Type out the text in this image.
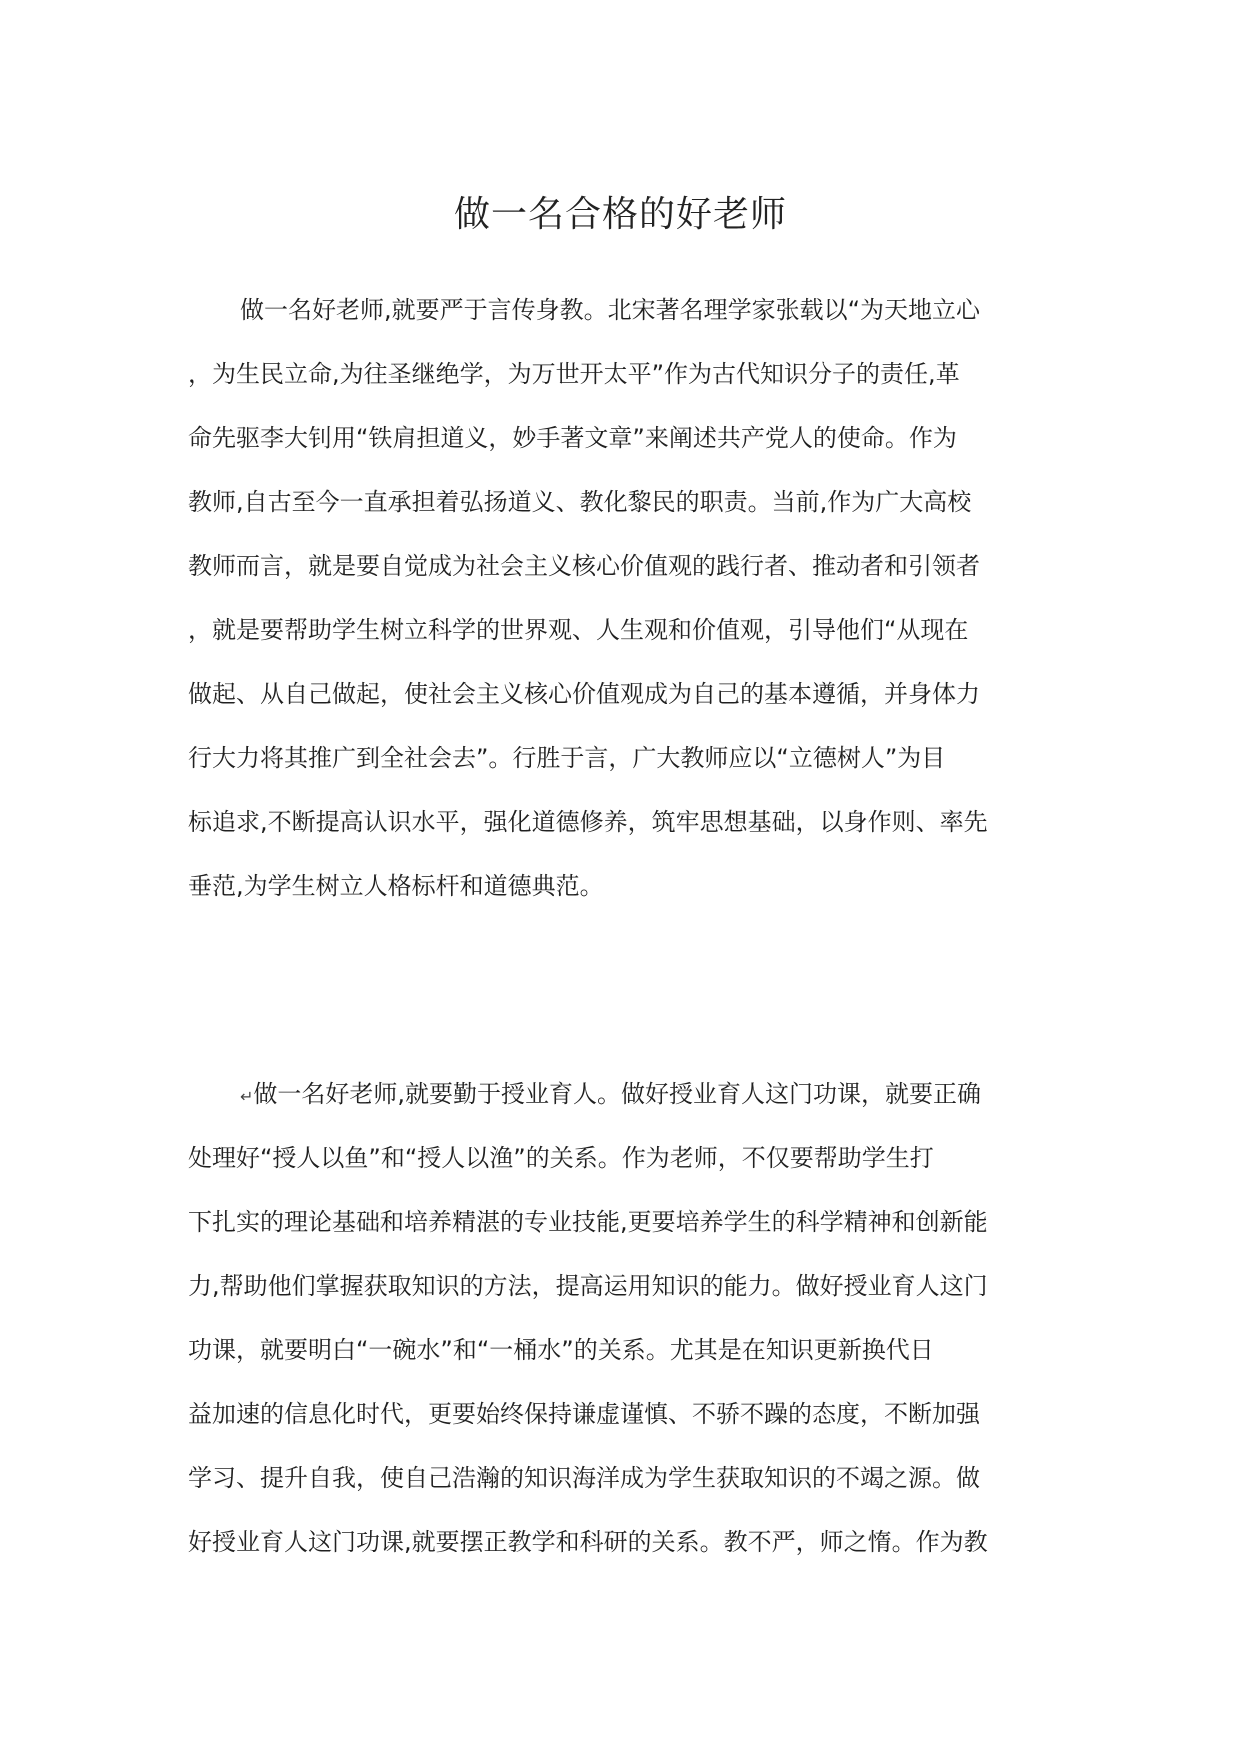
做一名合格的好老师
做一名好老师,就要严于言传身教。北宋著名理学家张载以“为天地立心
，为生民立命,为往圣继绝学，为万世开太平”作为古代知识分子的责任,革
命先驱李大钊用“铁肩担道义，妙手著文章”来阐述共产党人的使命。作为
教师,自古至今一直承担着弘扬道义、教化黎民的职责。当前,作为广大高校
教师而言，就是要自觉成为社会主义核心价值观的践行者、推动者和引领者
，就是要帮助学生树立科学的世界观、人生观和价值观，引导他们“从现在
做起、从自己做起，使社会主义核心价值观成为自己的基本遵循，并身体力
行大力将其推广到全社会去”。行胜于言，广大教师应以“立德树人”为目
标追求,不断提高认识水平，强化道德修养，筑牢思想基础，以身作则、率先
垂范,为学生树立人格标杆和道德典范。
↵做一名好老师,就要勤于授业育人。做好授业育人这门功课，就要正确
处理好“授人以鱼”和“授人以渔”的关系。作为老师，不仅要帮助学生打
下扎实的理论基础和培养精湛的专业技能,更要培养学生的科学精神和创新能
力,帮助他们掌握获取知识的方法，提高运用知识的能力。做好授业育人这门
功课，就要明白“一碗水”和“一桶水”的关系。尤其是在知识更新换代日
益加速的信息化时代，更要始终保持谦虚谨慎、不骄不躁的态度，不断加强
学习、提升自我，使自己浩瀚的知识海洋成为学生获取知识的不竭之源。做
好授业育人这门功课,就要摆正教学和科研的关系。教不严，师之惰。作为教
